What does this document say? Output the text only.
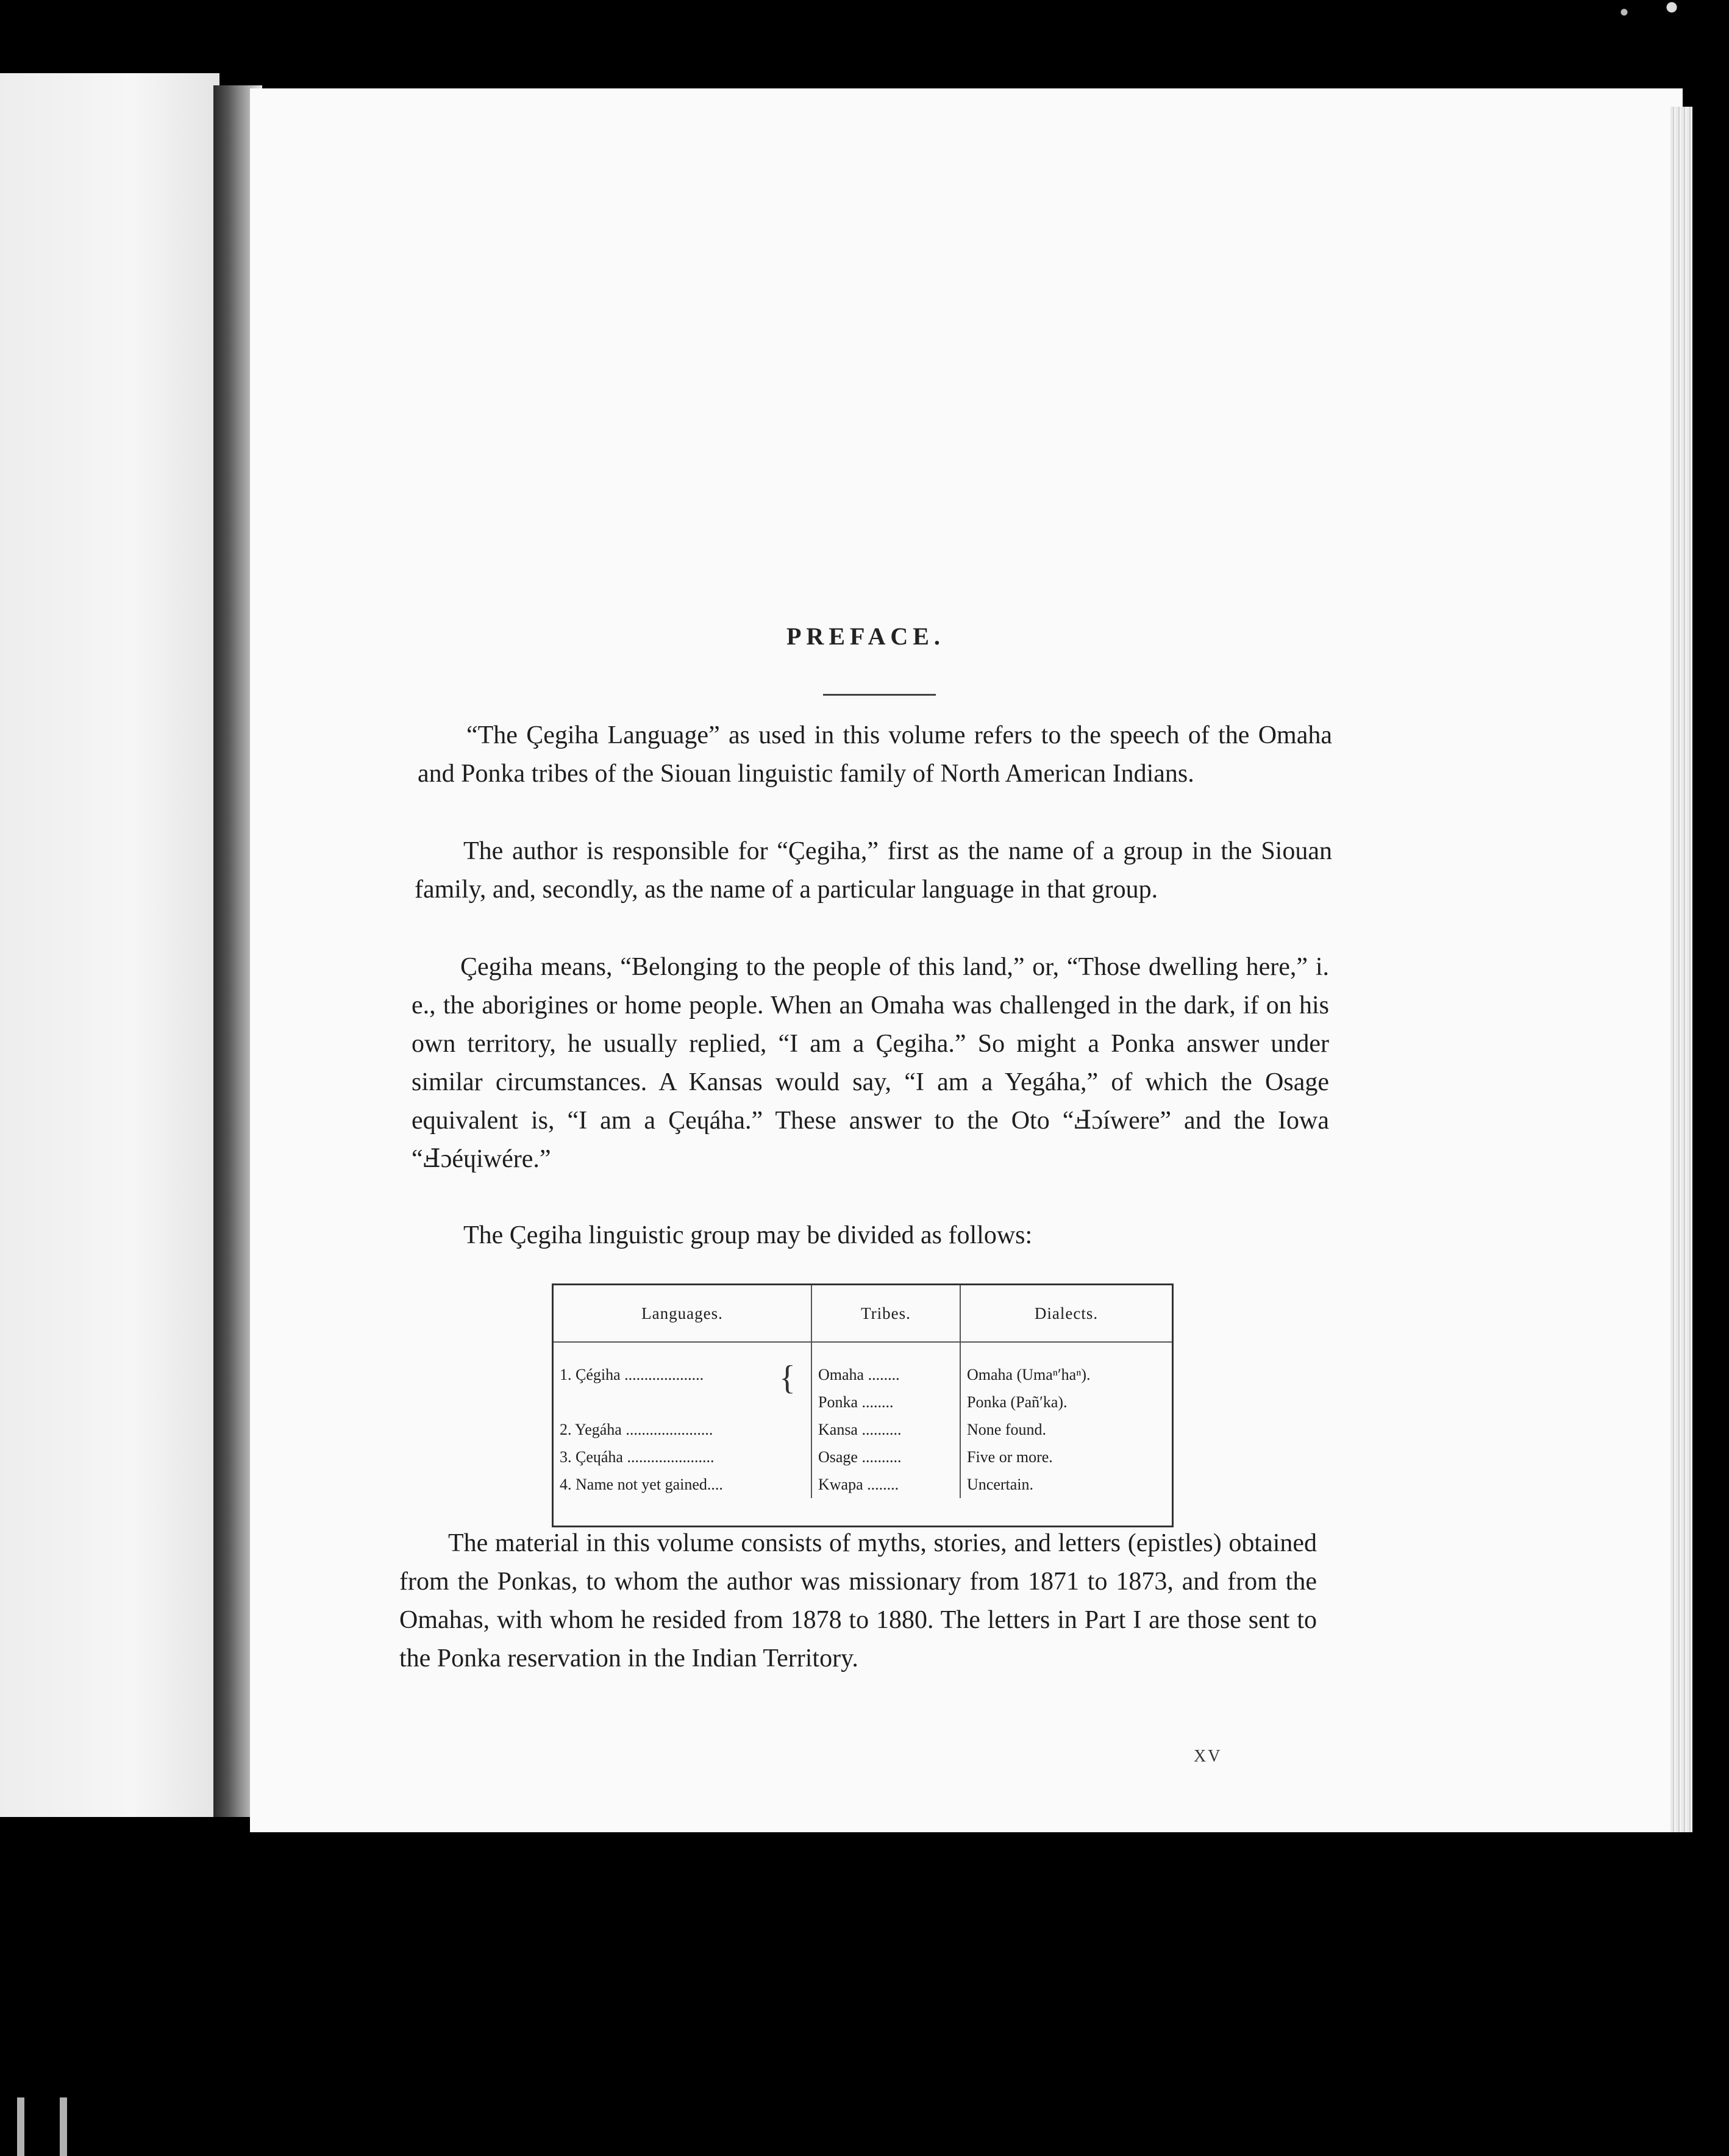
PREFACE.

“The Çegiha Language” as used in this volume refers to the speech of the Omaha and Ponka tribes of the Siouan linguistic family of North American Indians.

The author is responsible for “Çegiha,” first as the name of a group in the Siouan family, and, secondly, as the name of a particular language in that group.

Çegiha means, “Belonging to the people of this land,” or, “Those dwelling here,” i. e., the aborigines or home people. When an Omaha was challenged in the dark, if on his own territory, he usually replied, “I am a Çegiha.” So might a Ponka answer under similar circumstances. A Kansas would say, “I am a Yegáha,” of which the Osage equivalent is, “I am a Çeɥáha.” These answer to the Oto “Ⅎɔíwere” and the Iowa “Ⅎɔéɥiwére.”

The Çegiha linguistic group may be divided as follows:

Languages.	Tribes.	Dialects.
1. Çégiha ....................	Omaha ........	Omaha (Umaⁿ′haⁿ).
	Ponka ........	Ponka (Pañ′ka).
2. Yegáha ......................	Kansa ..........	None found.
3. Çeɥáha ......................	Osage ..........	Five or more.
4. Name not yet gained....	Kwapa ........	Uncertain.
{

The material in this volume consists of myths, stories, and letters (epistles) obtained from the Ponkas, to whom the author was missionary from 1871 to 1873, and from the Omahas, with whom he resided from 1878 to 1880. The letters in Part I are those sent to the Ponka reservation in the Indian Territory.

XV
